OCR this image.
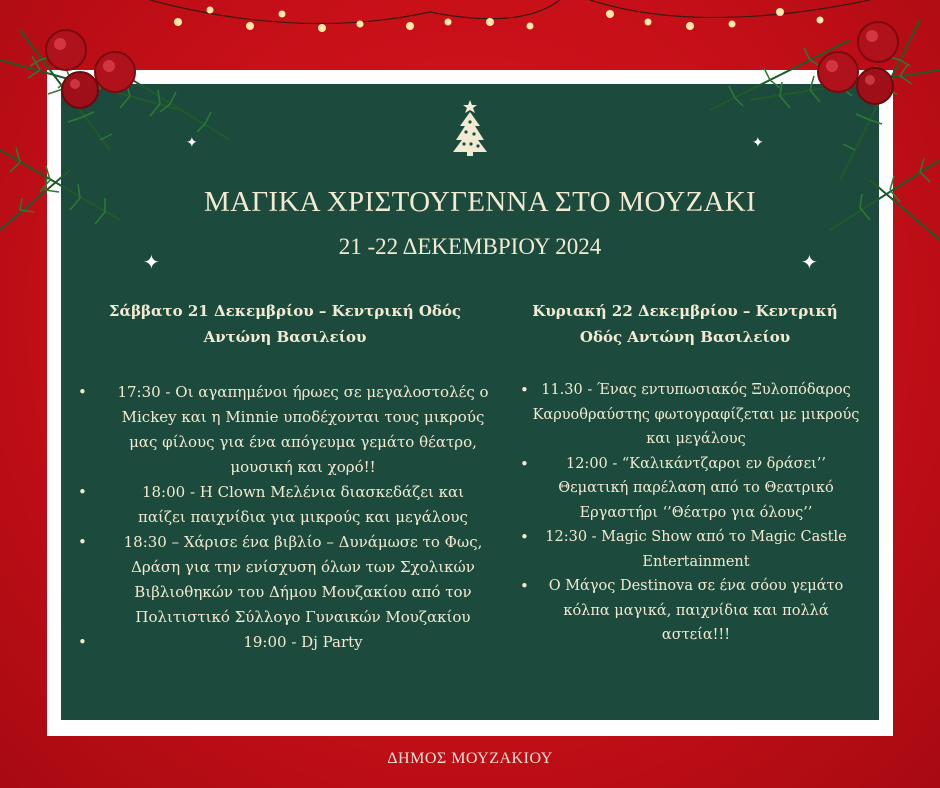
✦	✦
✦	✦
ΜΑΓΙΚΑ ΧΡΙΣΤΟΥΓΕΝΝΑ ΣΤΟ ΜΟΥΖΑΚΙ
21 -22 ΔΕΚΕΜΒΡΙΟΥ 2024
Σάββατο 21 Δεκεμβρίου – Κεντρική Οδός Αντώνη Βασιλείου
• 17:30 - Οι αγαπημένοι ήρωες σε μεγαλοστολές ο Mickey και η Minnie υποδέχονται τους μικρούς μας φίλους για ένα απόγευμα γεμάτο θέατρο, μουσική και χορό!!
•	18:00 - Η Clown Μελένια διασκεδάζει και παίζει παιχνίδια για μικρούς και μεγάλους
• 18:30 – Χάρισε ένα βιβλίο – Δυνάμωσε το Φως, Δράση για την ενίσχυση όλων των Σχολικών Βιβλιοθηκών του Δήμου Μουζακίου από τον Πολιτιστικό Σύλλογο Γυναικών Μουζακίου
•	19:00 - Dj Party
Κυριακή 22 Δεκεμβρίου – Κεντρική Οδός Αντώνη Βασιλείου
• 11.30 - Ένας εντυπωσιακός Ξυλοπόδαρος Καρυοθραύστης φωτογραφίζεται με μικρούς και μεγάλους
•	12:00 - “Καλικάντζαροι εν δράσει’’ Θεματική παρέλαση από το Θεατρικό Εργαστήρι ‘’Θέατρο για όλους’’
• 12:30 - Magic Show από το Magic Castle Entertainment
• Ο Μάγος Destinova σε ένα σόου γεμάτο κόλπα μαγικά, παιχνίδια και πολλά αστεία!!!
ΔΗΜΟΣ ΜΟΥΖΑΚΙΟΥ
